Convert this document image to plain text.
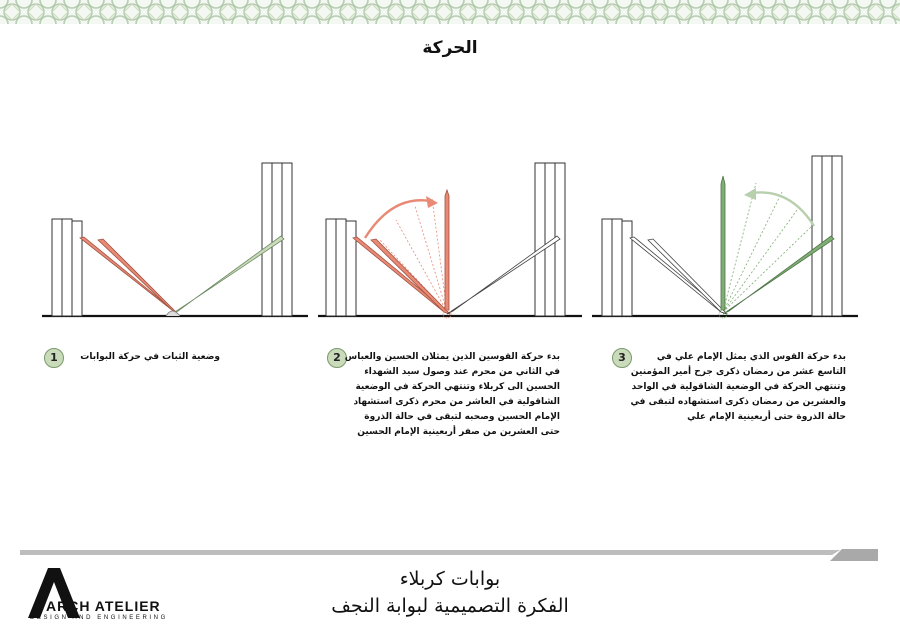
الحركة
1	وضعية الثبات في حركة البوابات	2 بدء حركة القوسين الذين يمثلان الحسين والعباس في الثاني من محرم عند وصول سيد الشهداء الحسين الى كربلاء وتنتهي الحركة في الوضعية الشاقولية في العاشر من محرم ذكرى استشهاد الإمام الحسين وصحبه لتبقى في حالة الذروة حتى العشرين من صفر أربعينية الإمام الحسين
3	بدء حركة القوس الذي يمثل الإمام علي في التاسع عشر من رمضان ذكرى جرح أمير المؤمنين وتنتهي الحركة في الوضعية الشاقولية في الواحد والعشرين من رمضان ذكرى استشهاده لتبقى في حالة الذروة حتى أربعينية الإمام علي
ARCH ATELIER
DESIGN AND ENGINEERING
بوابات كربلاء
الفكرة التصميمية لبوابة النجف
